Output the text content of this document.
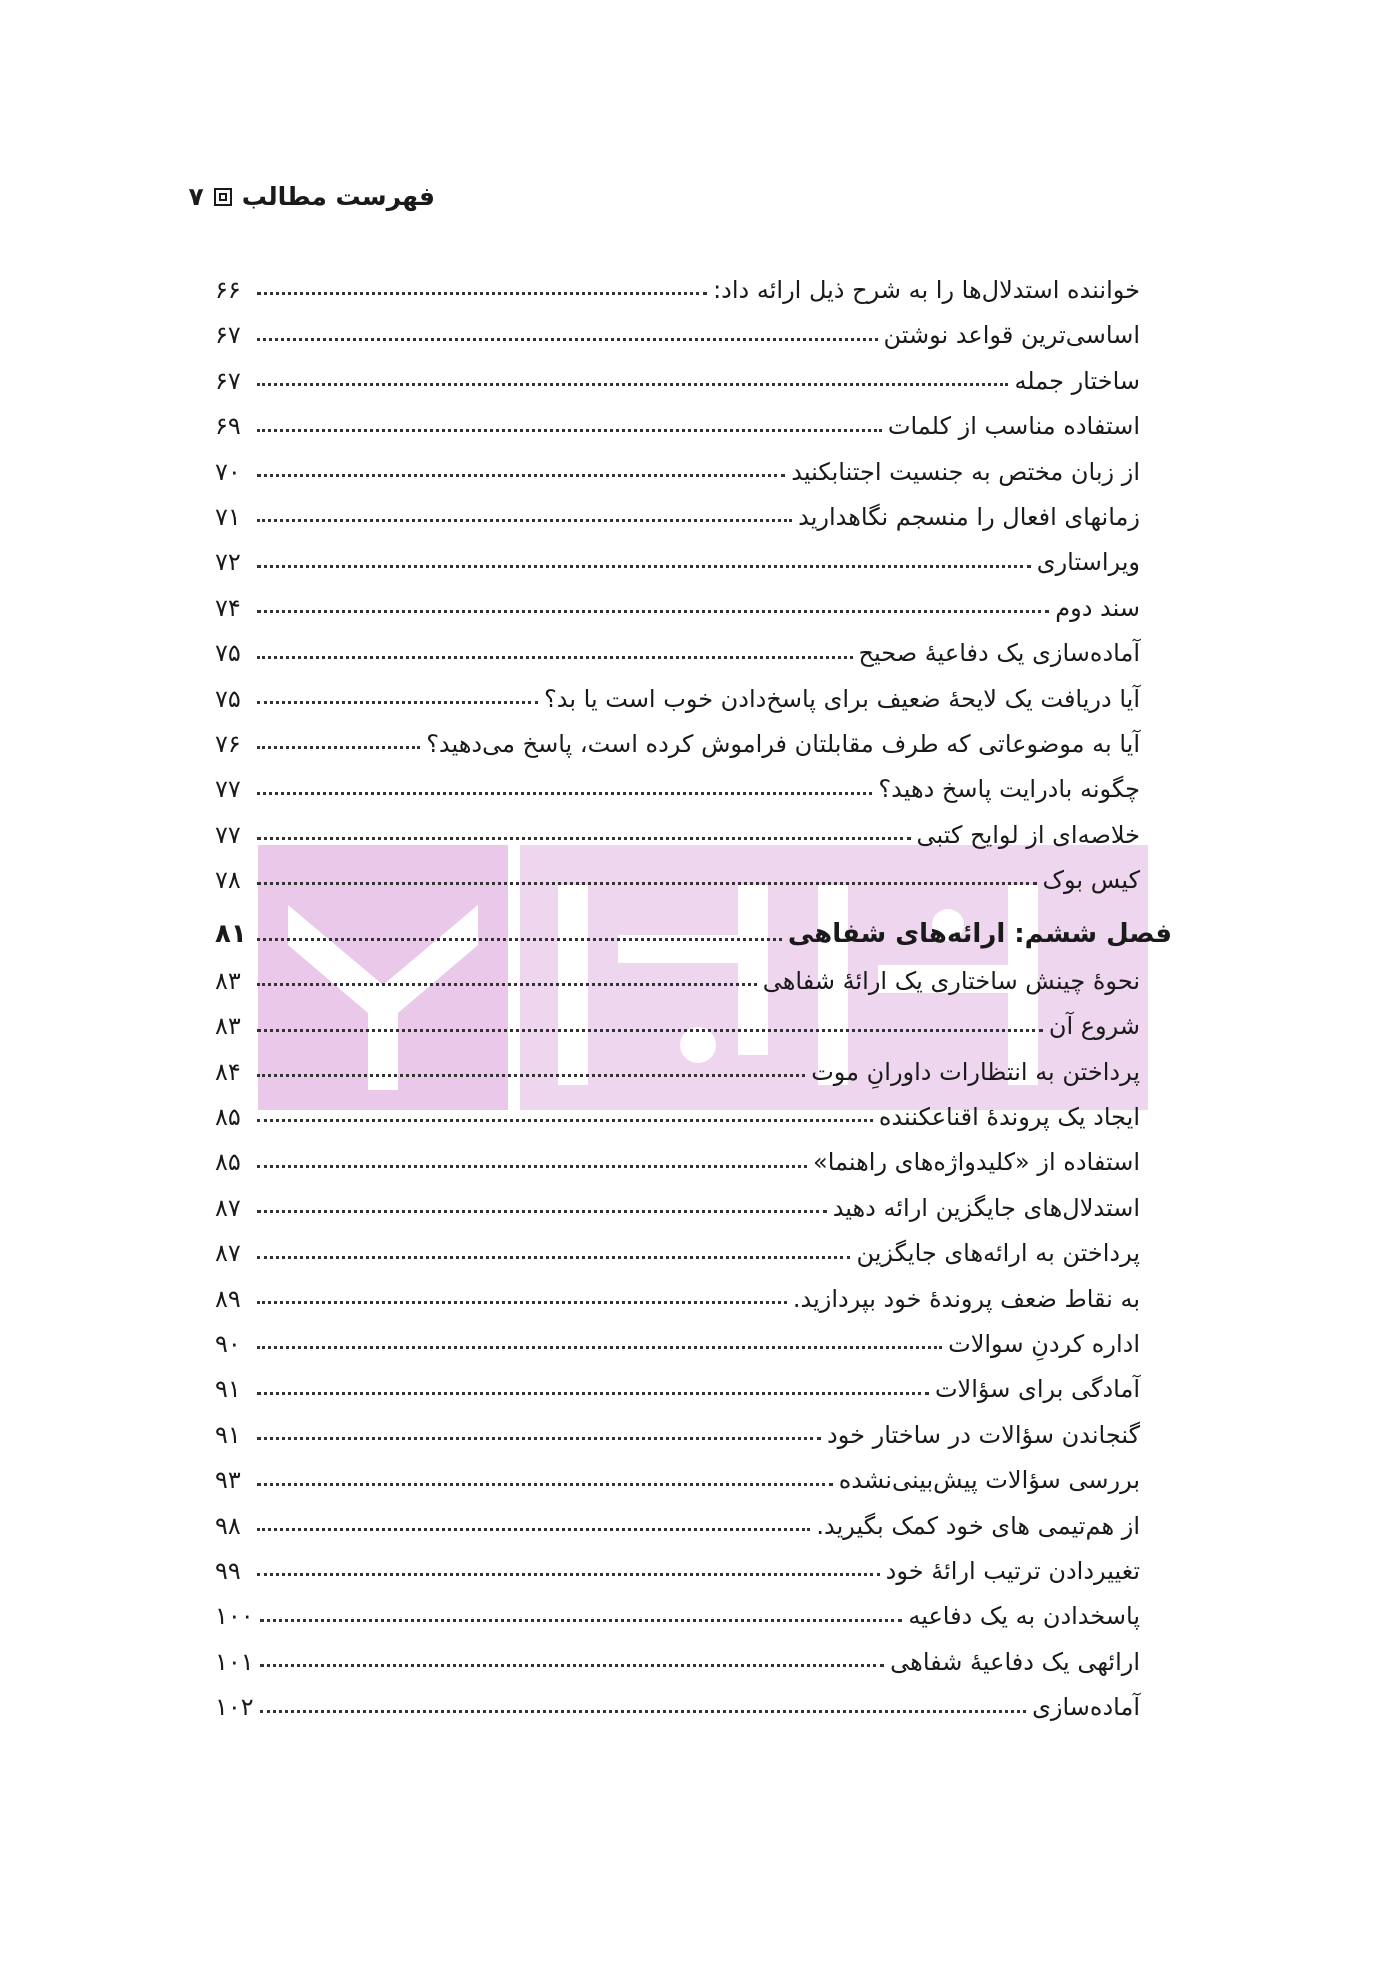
فهرست مطالب
۷
خواننده استدلال‌ها را به شرح ذیل ارائه داد:
۶۶
اساسی‌ترین قواعد نوشتن
۶۷
ساختار جمله
۶۷
استفاده مناسب از کلمات
۶۹
از زبان مختص به جنسیت اجتنابکنید
۷۰
زمانهای افعال را منسجم نگاهدارید
۷۱
ویراستاری
۷۲
سند دوم
۷۴
آماده‌سازی یک دفاعیهٔ صحیح
۷۵
آیا دریافت یک لایحهٔ ضعیف برای پاسخ‌دادن خوب است یا بد؟
۷۵
آیا به موضوعاتی که طرف مقابلتان فراموش کرده است، پاسخ می‌دهید؟
۷۶
چگونه بادرایت پاسخ دهید؟
۷۷
خلاصه‌ای از لوایح کتبی
۷۷
کیس بوک
۷۸
فصل ششم: ارائه‌های شفاهی
۸۱
نحوهٔ چینش ساختاری یک ارائهٔ شفاهی
۸۳
شروع آن
۸۳
پرداختن به انتظارات داورانِ موت
۸۴
ایجاد یک پروندهٔ اقناعکننده
۸۵
استفاده از «کلیدواژه‌های راهنما»
۸۵
استدلال‌های جایگزین ارائه دهید
۸۷
پرداختن به ارائه‌های جایگزین
۸۷
به نقاط ضعف پروندهٔ خود بپردازید.
۸۹
اداره کردنِ سوالات
۹۰
آمادگی برای سؤالات
۹۱
گنجاندن سؤالات در ساختار خود
۹۱
بررسی سؤالات پیش‌بینی‌نشده
۹۳
از هم‌تیمی های خود کمک بگیرید.
۹۸
تغییردادن ترتیب ارائهٔ خود
۹۹
پاسخدادن به یک دفاعیه
۱۰۰
ارائهی یک دفاعیهٔ شفاهی
۱۰۱
آماده‌سازی
۱۰۲
